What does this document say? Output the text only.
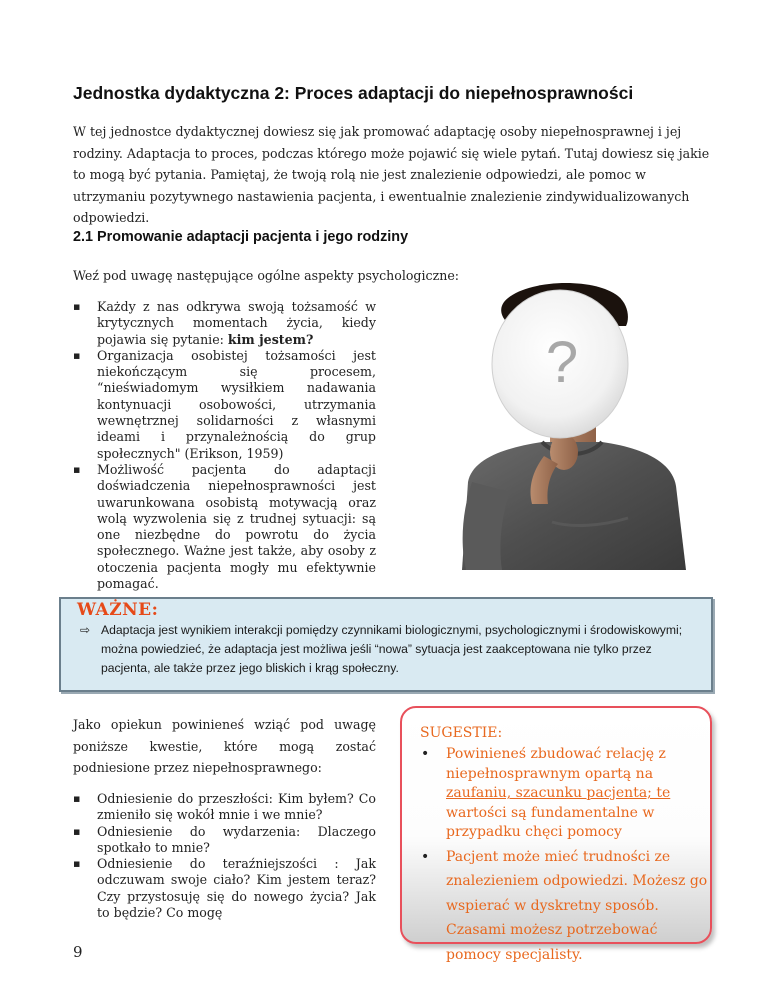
Jednostka dydaktyczna 2: Proces adaptacji do niepełnosprawności

W tej jednostce dydaktycznej dowiesz się jak promować adaptację osoby niepełnosprawnej i jej rodziny. Adaptacja to proces, podczas którego może pojawić się wiele pytań. Tutaj dowiesz się jakie to mogą być pytania. Pamiętaj, że twoją rolą nie jest znalezienie odpowiedzi, ale pomoc w utrzymaniu pozytywnego nastawienia pacjenta, i ewentualnie znalezienie zindywidualizowanych odpowiedzi.

2.1 Promowanie adaptacji pacjenta i jego rodziny

Weź pod uwagę następujące ogólne aspekty psychologiczne:

▪ Każdy z nas odkrywa swoją tożsamość w krytycznych momentach życia, kiedy pojawia się pytanie: kim jestem?
▪ Organizacja osobistej tożsamości jest niekończącym się procesem, “nieświadomym wysiłkiem nadawania kontynuacji osobowości, utrzymania wewnętrznej solidarności z własnymi ideami i przynależnością do grup społecznych" (Erikson, 1959)
▪ Możliwość pacjenta do adaptacji doświadczenia niepełnosprawności jest uwarunkowana osobistą motywacją oraz wolą wyzwolenia się z trudnej sytuacji: są one niezbędne do powrotu do życia społecznego. Ważne jest także, aby osoby z otoczenia pacjenta mogły mu efektywnie pomagać.
?
WAŻNE:
⇨ Adaptacja jest wynikiem interakcji pomiędzy czynnikami biologicznymi, psychologicznymi i środowiskowymi; można powiedzieć, że adaptacja jest możliwa jeśli “nowa” sytuacja jest zaakceptowana nie tylko przez pacjenta, ale także przez jego bliskich i krąg społeczny.

Jako opiekun powinieneś wziąć pod uwagę poniższe kwestie, które mogą zostać podniesione przez niepełnosprawnego:

▪ Odniesienie do przeszłości: Kim byłem? Co zmieniło się wokół mnie i we mnie?
▪ Odniesienie do wydarzenia: Dlaczego spotkało to mnie?
▪ Odniesienie do teraźniejszości : Jak odczuwam swoje ciało? Kim jestem teraz? Czy przystosuję się do nowego życia? Jak to będzie? Co mogę
9
SUGESTIE:
• Powinieneś zbudować relację z niepełnosprawnym opartą na zaufaniu, szacunku pacjenta; te wartości są fundamentalne w przypadku chęci pomocy
• Pacjent może mieć trudności ze znalezieniem odpowiedzi. Możesz go wspierać w dyskretny sposób. Czasami możesz potrzebować pomocy specjalisty.
